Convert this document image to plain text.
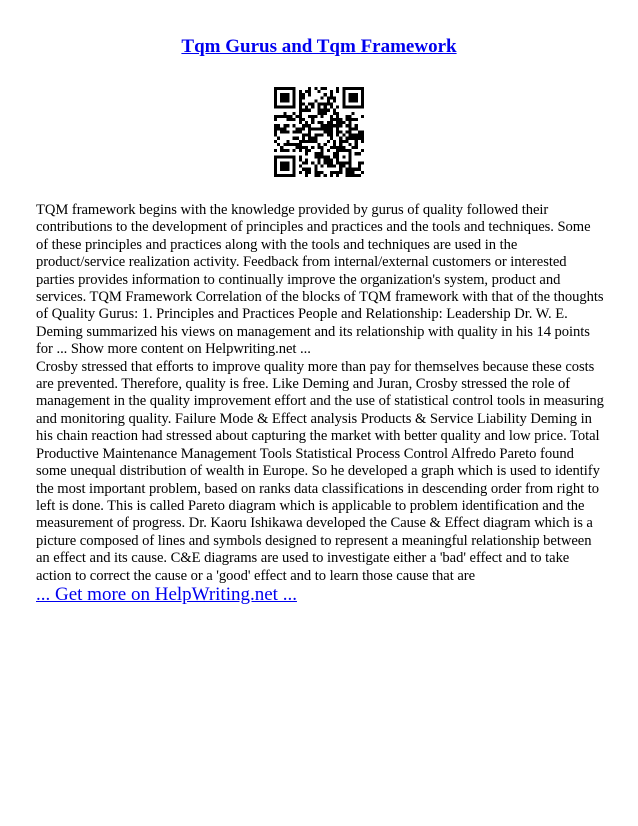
Tqm Gurus and Tqm Framework

TQM framework begins with the knowledge provided by gurus of quality followed their contributions to the development of principles and practices and the tools and techniques. Some of these principles and practices along with the tools and techniques are used in the product/service realization activity. Feedback from internal/external customers or interested parties provides information to continually improve the organization's system, product and services. TQM Framework Correlation of the blocks of TQM framework with that of the thoughts of Quality Gurus: 1. Principles and Practices People and Relationship: Leadership Dr. W. E. Deming summarized his views on management and its relationship with quality in his 14 points for ... Show more content on Helpwriting.net ...

Crosby stressed that efforts to improve quality more than pay for themselves because these costs are prevented. Therefore, quality is free. Like Deming and Juran, Crosby stressed the role of management in the quality improvement effort and the use of statistical control tools in measuring and monitoring quality. Failure Mode & Effect analysis Products & Service Liability Deming in his chain reaction had stressed about capturing the market with better quality and low price. Total Productive Maintenance Management Tools Statistical Process Control Alfredo Pareto found some unequal distribution of wealth in Europe. So he developed a graph which is used to identify the most important problem, based on ranks data classifications in descending order from right to left is done. This is called Pareto diagram which is applicable to problem identification and the measurement of progress. Dr. Kaoru Ishikawa developed the Cause & Effect diagram which is a picture composed of lines and symbols designed to represent a meaningful relationship between an effect and its cause. C&E diagrams are used to investigate either a 'bad' effect and to take action to correct the cause or a 'good' effect and to learn those cause that are

... Get more on HelpWriting.net ...
